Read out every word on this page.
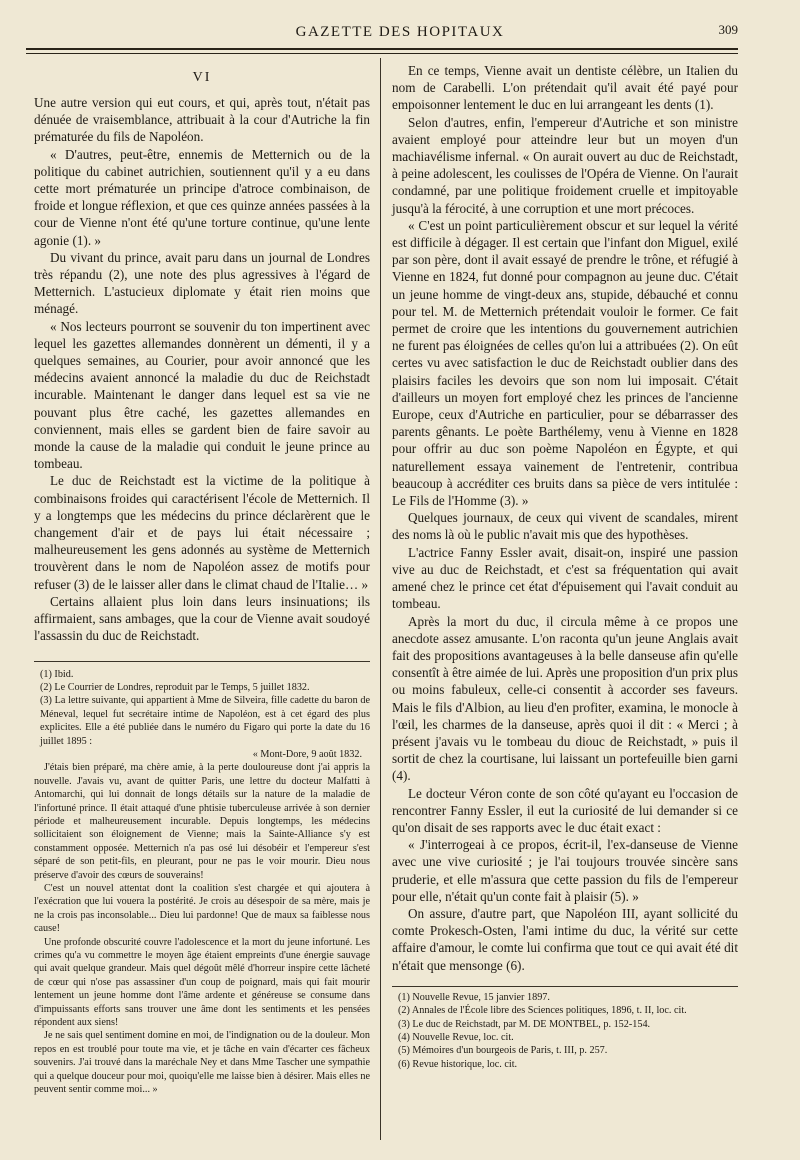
GAZETTE DES HOPITAUX	309
VI

Une autre version qui eut cours, et qui, après tout, n'était pas dénuée de vraisemblance, attribuait à la cour d'Autriche la fin prématurée du fils de Napoléon.

« D'autres, peut-être, ennemis de Metternich ou de la politique du cabinet autrichien, soutiennent qu'il y a eu dans cette mort prématurée un principe d'atroce combinaison, de froide et longue réflexion, et que ces quinze années passées à la cour de Vienne n'ont été qu'une torture continue, qu'une lente agonie (1). »

Du vivant du prince, avait paru dans un journal de Londres très répandu (2), une note des plus agressives à l'égard de Metternich. L'astucieux diplomate y était rien moins que ménagé.

« Nos lecteurs pourront se souvenir du ton impertinent avec lequel les gazettes allemandes donnèrent un démenti, il y a quelques semaines, au Courier, pour avoir annoncé que les médecins avaient annoncé la maladie du duc de Reichstadt incurable. Maintenant le danger dans lequel est sa vie ne pouvant plus être caché, les gazettes allemandes en conviennent, mais elles se gardent bien de faire savoir au monde la cause de la maladie qui conduit le jeune prince au tombeau.

Le duc de Reichstadt est la victime de la politique à combinaisons froides qui caractérisent l'école de Metternich. Il y a longtemps que les médecins du prince déclarèrent que le changement d'air et de pays lui était nécessaire ; malheureusement les gens adonnés au système de Metternich trouvèrent dans le nom de Napoléon assez de motifs pour refuser (3) de le laisser aller dans le climat chaud de l'Italie… »

Certains allaient plus loin dans leurs insinuations; ils affirmaient, sans ambages, que la cour de Vienne avait soudoyé l'assassin du duc de Reichstadt.

(1) Ibid.

(2) Le Courrier de Londres, reproduit par le Temps, 5 juillet 1832.

(3) La lettre suivante, qui appartient à Mme de Silveira, fille cadette du baron de Méneval, lequel fut secrétaire intime de Napoléon, est à cet égard des plus explicites. Elle a été publiée dans le numéro du Figaro qui porte la date du 16 juillet 1895 :

« Mont-Dore, 9 août 1832.

J'étais bien préparé, ma chère amie, à la perte douloureuse dont j'ai appris la nouvelle. J'avais vu, avant de quitter Paris, une lettre du docteur Malfatti à Antomarchi, qui lui donnait de longs détails sur la nature de la maladie de l'infortuné prince. Il était attaqué d'une phtisie tuberculeuse arrivée à son dernier période et malheureusement incurable. Depuis longtemps, les médecins sollicitaient son éloignement de Vienne; mais la Sainte-Alliance s'y est constamment opposée. Metternich n'a pas osé lui désobéir et l'empereur s'est séparé de son petit-fils, en pleurant, pour ne pas le voir mourir. Dieu nous préserve d'avoir des cœurs de souverains!

C'est un nouvel attentat dont la coalition s'est chargée et qui ajoutera à l'exécration que lui vouera la postérité. Je crois au désespoir de sa mère, mais je ne la crois pas inconsolable... Dieu lui pardonne! Que de maux sa faiblesse nous cause!

Une profonde obscurité couvre l'adolescence et la mort du jeune infortuné. Les crimes qu'a vu commettre le moyen âge étaient empreints d'une énergie sauvage qui avait quelque grandeur. Mais quel dégoût mêlé d'horreur inspire cette lâcheté de cœur qui n'ose pas assassiner d'un coup de poignard, mais qui fait mourir lentement un jeune homme dont l'âme ardente et généreuse se consume dans d'impuissants efforts sans trouver une âme dont les sentiments et les pensées répondent aux siens!

Je ne sais quel sentiment domine en moi, de l'indignation ou de la douleur. Mon repos en est troublé pour toute ma vie, et je tâche en vain d'écarter ces fâcheux souvenirs. J'ai trouvé dans la maréchale Ney et dans Mme Tascher une sympathie qui a quelque douceur pour moi, quoiqu'elle me laisse bien à désirer. Mais elles ne peuvent sentir comme moi... »

En ce temps, Vienne avait un dentiste célèbre, un Italien du nom de Carabelli. L'on prétendait qu'il avait été payé pour empoisonner lentement le duc en lui arrangeant les dents (1).

Selon d'autres, enfin, l'empereur d'Autriche et son ministre avaient employé pour atteindre leur but un moyen d'un machiavélisme infernal. « On aurait ouvert au duc de Reichstadt, à peine adolescent, les coulisses de l'Opéra de Vienne. On l'aurait condamné, par une politique froidement cruelle et impitoyable jusqu'à la férocité, à une corruption et une mort précoces.

« C'est un point particulièrement obscur et sur lequel la vérité est difficile à dégager. Il est certain que l'infant don Miguel, exilé par son père, dont il avait essayé de prendre le trône, et réfugié à Vienne en 1824, fut donné pour compagnon au jeune duc. C'était un jeune homme de vingt-deux ans, stupide, débauché et connu pour tel. M. de Metternich prétendait vouloir le former. Ce fait permet de croire que les intentions du gouvernement autrichien ne furent pas éloignées de celles qu'on lui a attribuées (2). On eût certes vu avec satisfaction le duc de Reichstadt oublier dans des plaisirs faciles les devoirs que son nom lui imposait. C'était d'ailleurs un moyen fort employé chez les princes de l'ancienne Europe, ceux d'Autriche en particulier, pour se débarrasser des parents gênants. Le poète Barthélemy, venu à Vienne en 1828 pour offrir au duc son poème Napoléon en Égypte, et qui naturellement essaya vainement de l'entretenir, contribua beaucoup à accréditer ces bruits dans sa pièce de vers intitulée : Le Fils de l'Homme (3). »

Quelques journaux, de ceux qui vivent de scandales, mirent des noms là où le public n'avait mis que des hypothèses.

L'actrice Fanny Essler avait, disait-on, inspiré une passion vive au duc de Reichstadt, et c'est sa fréquentation qui avait amené chez le prince cet état d'épuisement qui l'avait conduit au tombeau.

Après la mort du duc, il circula même à ce propos une anecdote assez amusante. L'on raconta qu'un jeune Anglais avait fait des propositions avantageuses à la belle danseuse afin qu'elle consentît à être aimée de lui. Après une proposition d'un prix plus ou moins fabuleux, celle-ci consentit à accorder ses faveurs. Mais le fils d'Albion, au lieu d'en profiter, examina, le monocle à l'œil, les charmes de la danseuse, après quoi il dit : « Merci ; à présent j'avais vu le tombeau du diouc de Reichstadt, » puis il sortit de chez la courtisane, lui laissant un portefeuille bien garni (4).

Le docteur Véron conte de son côté qu'ayant eu l'occasion de rencontrer Fanny Essler, il eut la curiosité de lui demander si ce qu'on disait de ses rapports avec le duc était exact :

« J'interrogeai à ce propos, écrit-il, l'ex-danseuse de Vienne avec une vive curiosité ; je l'ai toujours trouvée sincère sans pruderie, et elle m'assura que cette passion du fils de l'empereur pour elle, n'était qu'un conte fait à plaisir (5). »

On assure, d'autre part, que Napoléon III, ayant sollicité du comte Prokesch-Osten, l'ami intime du duc, la vérité sur cette affaire d'amour, le comte lui confirma que tout ce qui avait été dit n'était que mensonge (6).

(1) Nouvelle Revue, 15 janvier 1897.

(2) Annales de l'École libre des Sciences politiques, 1896, t. II, loc. cit.

(3) Le duc de Reichstadt, par M. DE MONTBEL, p. 152-154.

(4) Nouvelle Revue, loc. cit.

(5) Mémoires d'un bourgeois de Paris, t. III, p. 257.

(6) Revue historique, loc. cit.
